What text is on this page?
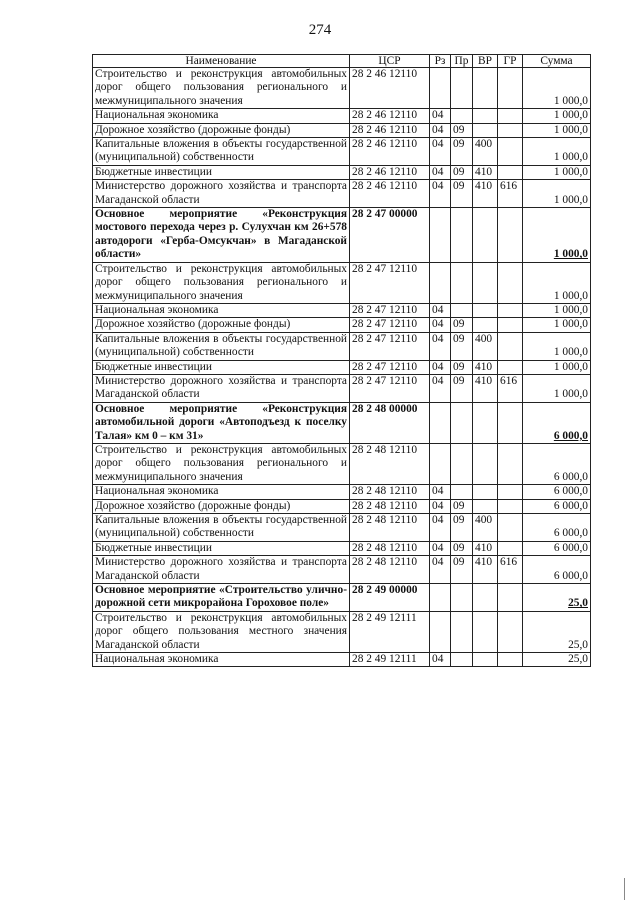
274
Наименование	ЦСР	Рз	Пр	ВР	ГР	Сумма
Строительство и реконструкция автомобильных дорог общего пользования регионального и межмуниципального значения	28 2 46 12110					1 000,0
Национальная экономика	28 2 46 12110	04				1 000,0
Дорожное хозяйство (дорожные фонды)	28 2 46 12110	04	09			1 000,0
Капитальные вложения в объекты государственной (муниципальной) собственности	28 2 46 12110	04	09	400		1 000,0
Бюджетные инвестиции	28 2 46 12110	04	09	410		1 000,0
Министерство дорожного хозяйства и транспорта Магаданской области	28 2 46 12110	04	09	410	616	1 000,0
Основное мероприятие «Реконструкция мостового перехода через р. Сулухчан км 26+578 автодороги «Герба-Омсукчан» в Магаданской области»	28 2 47 00000					1 000,0
Строительство и реконструкция автомобильных дорог общего пользования регионального и межмуниципального значения	28 2 47 12110					1 000,0
Национальная экономика	28 2 47 12110	04				1 000,0
Дорожное хозяйство (дорожные фонды)	28 2 47 12110	04	09			1 000,0
Капитальные вложения в объекты государственной (муниципальной) собственности	28 2 47 12110	04	09	400		1 000,0
Бюджетные инвестиции	28 2 47 12110	04	09	410		1 000,0
Министерство дорожного хозяйства и транспорта Магаданской области	28 2 47 12110	04	09	410	616	1 000,0
Основное мероприятие «Реконструкция автомобильной дороги «Автоподъезд к поселку Талая» км 0 – км 31»	28 2 48 00000					6 000,0
Строительство и реконструкция автомобильных дорог общего пользования регионального и межмуниципального значения	28 2 48 12110					6 000,0
Национальная экономика	28 2 48 12110	04				6 000,0
Дорожное хозяйство (дорожные фонды)	28 2 48 12110	04	09			6 000,0
Капитальные вложения в объекты государственной (муниципальной) собственности	28 2 48 12110	04	09	400		6 000,0
Бюджетные инвестиции	28 2 48 12110	04	09	410		6 000,0
Министерство дорожного хозяйства и транспорта Магаданской области	28 2 48 12110	04	09	410	616	6 000,0
Основное мероприятие «Строительство улично-дорожной сети микрорайона Гороховое поле»	28 2 49 00000					25,0
Строительство и реконструкция автомобильных дорог общего пользования местного значения Магаданской области	28 2 49 12111					25,0
Национальная экономика	28 2 49 12111	04				25,0
